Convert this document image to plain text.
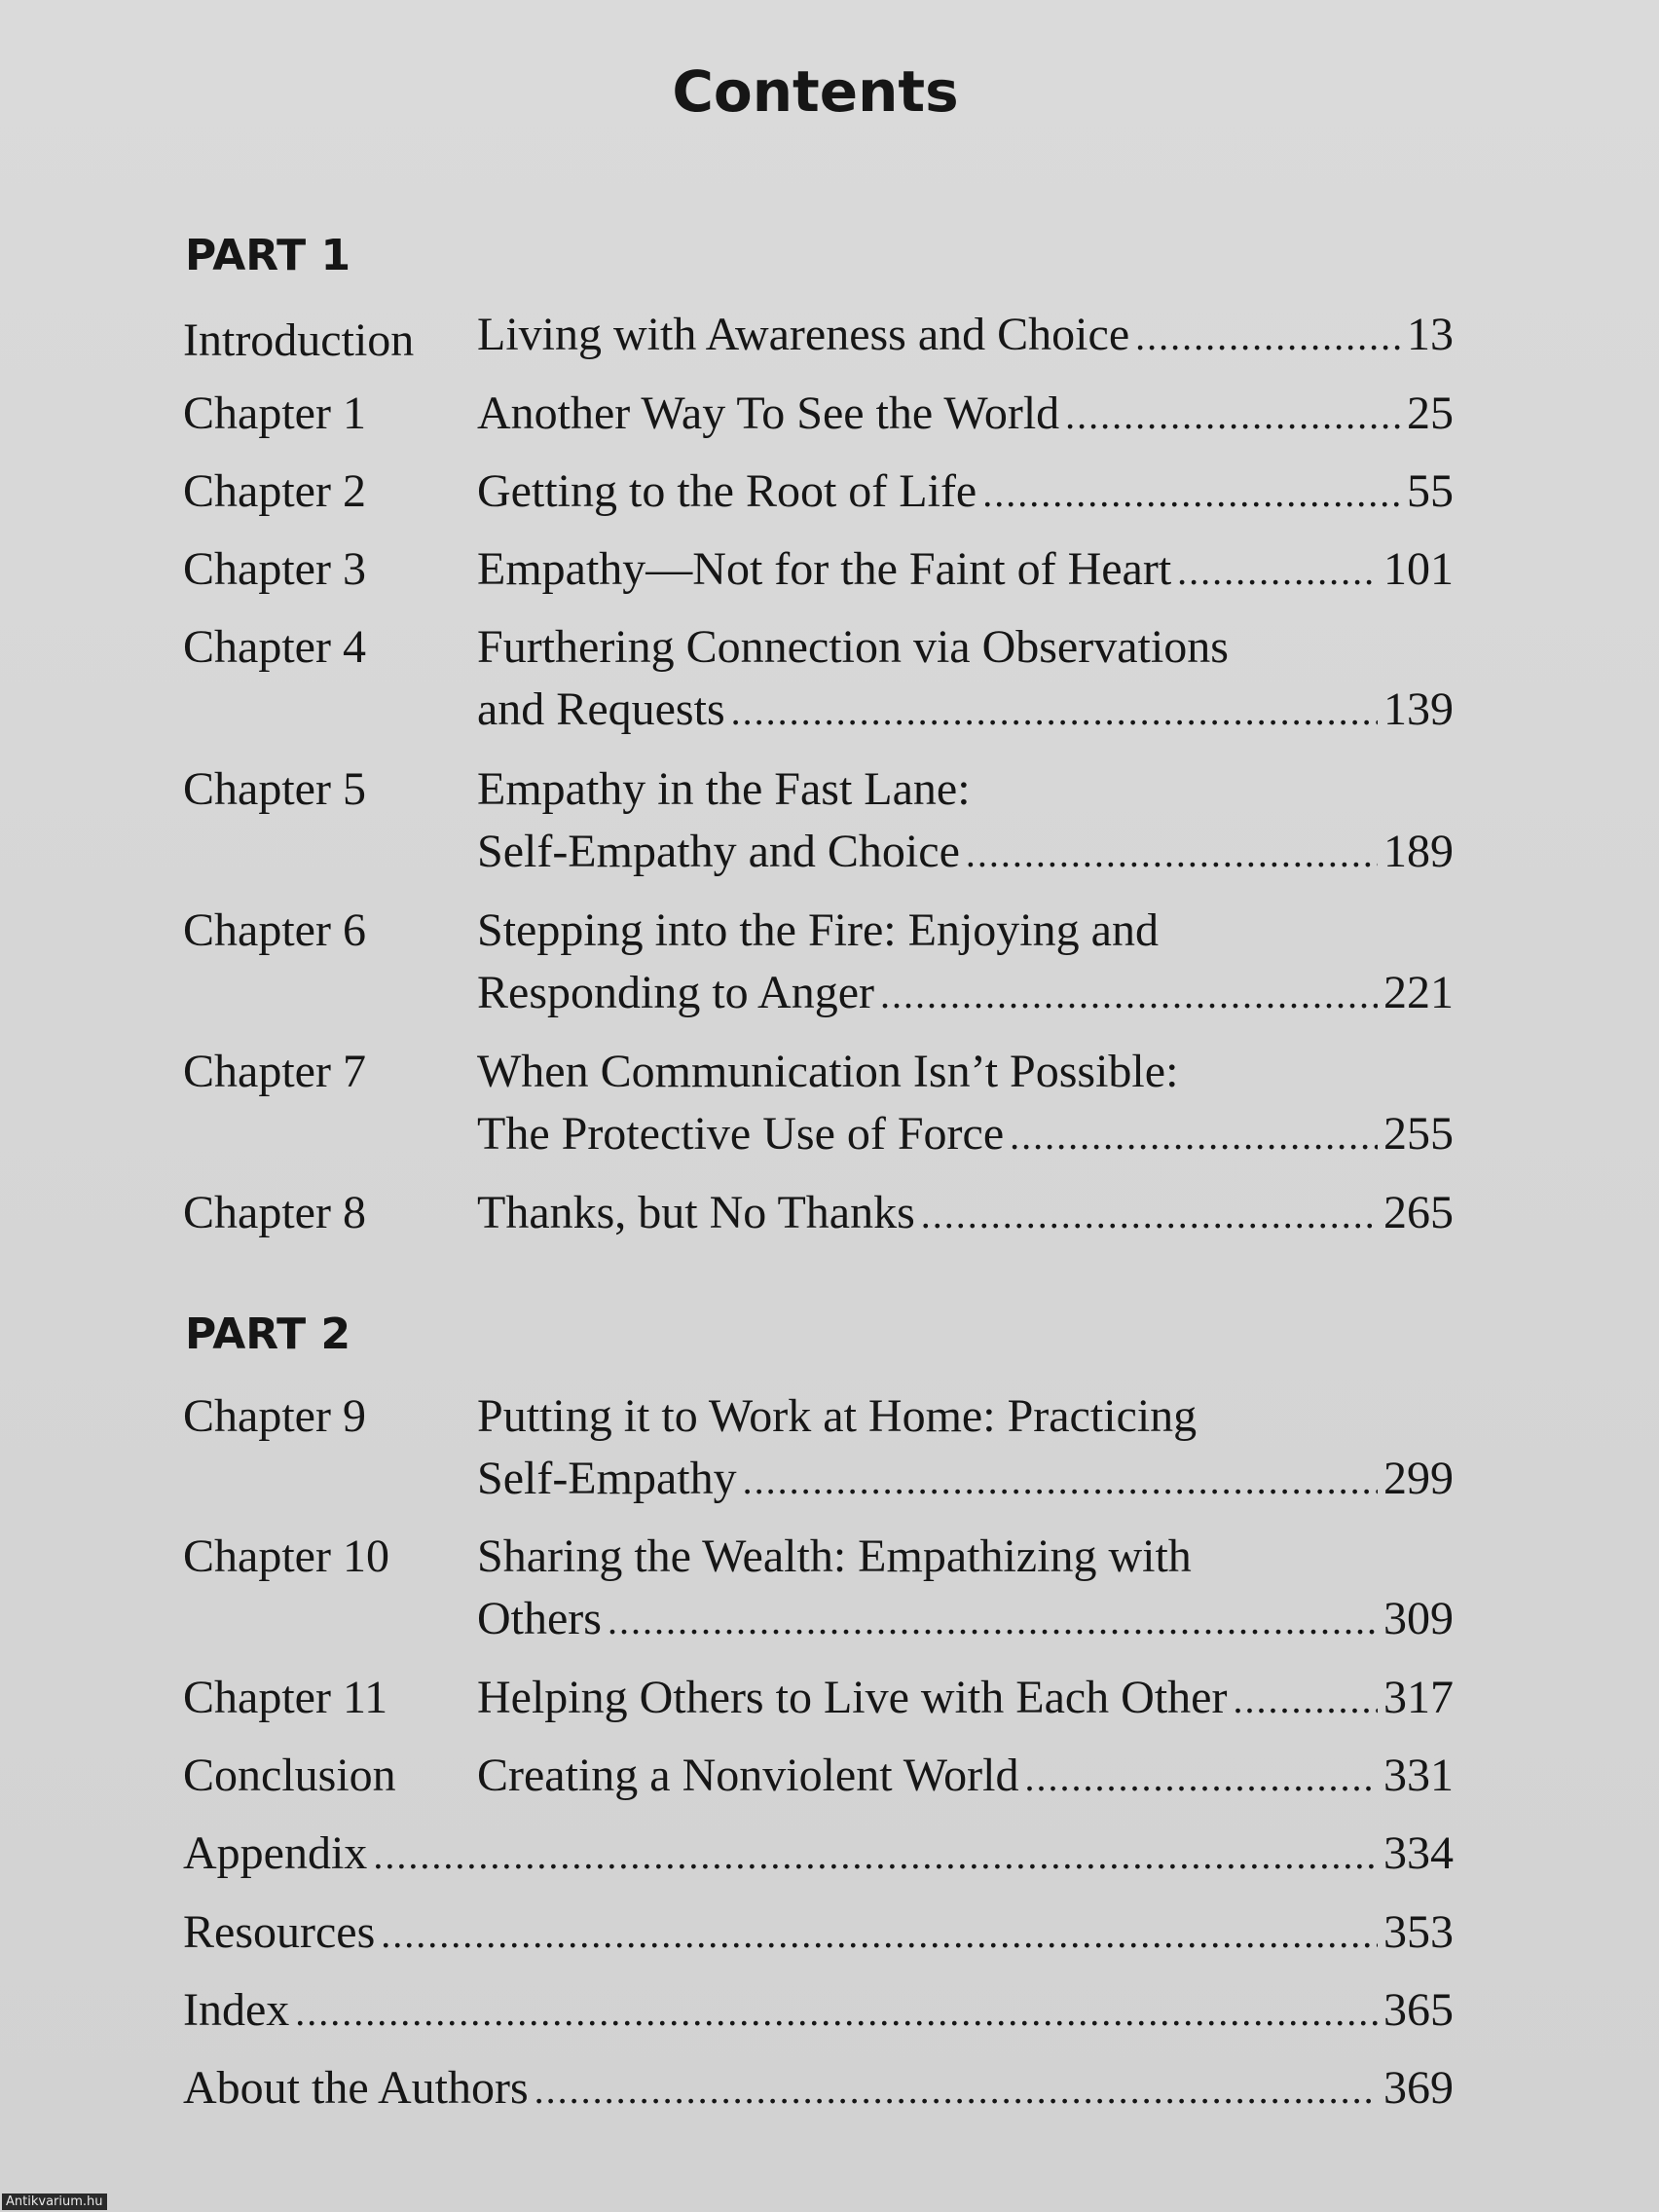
Contents
PART 1
Introduction Living with Awareness and Choice .....	13
Chapter 1 Another Way To See the World .....	25
Chapter 2 Getting to the Root of Life .....	55
Chapter 3 Empathy—Not for the Faint of Heart .....	101
Chapter 4 Furthering Connection via Observations
and Requests .....	139
Chapter 5 Empathy in the Fast Lane:
Self-Empathy and Choice .....	189
Chapter 6 Stepping into the Fire: Enjoying and
Responding to Anger .....	221
Chapter 7 When Communication Isn’t Possible:
The Protective Use of Force .....	255
Chapter 8 Thanks, but No Thanks .....	265
PART 2
Chapter 9 Putting it to Work at Home: Practicing
Self-Empathy .....	299
Chapter 10 Sharing the Wealth: Empathizing with
Others .....	309
Chapter 11 Helping Others to Live with Each Other .....	317
Conclusion Creating a Nonviolent World .....	331
Appendix .....	334
Resources .....	353
Index .....	365
About the Authors .....	369
Antikvarium.hu
